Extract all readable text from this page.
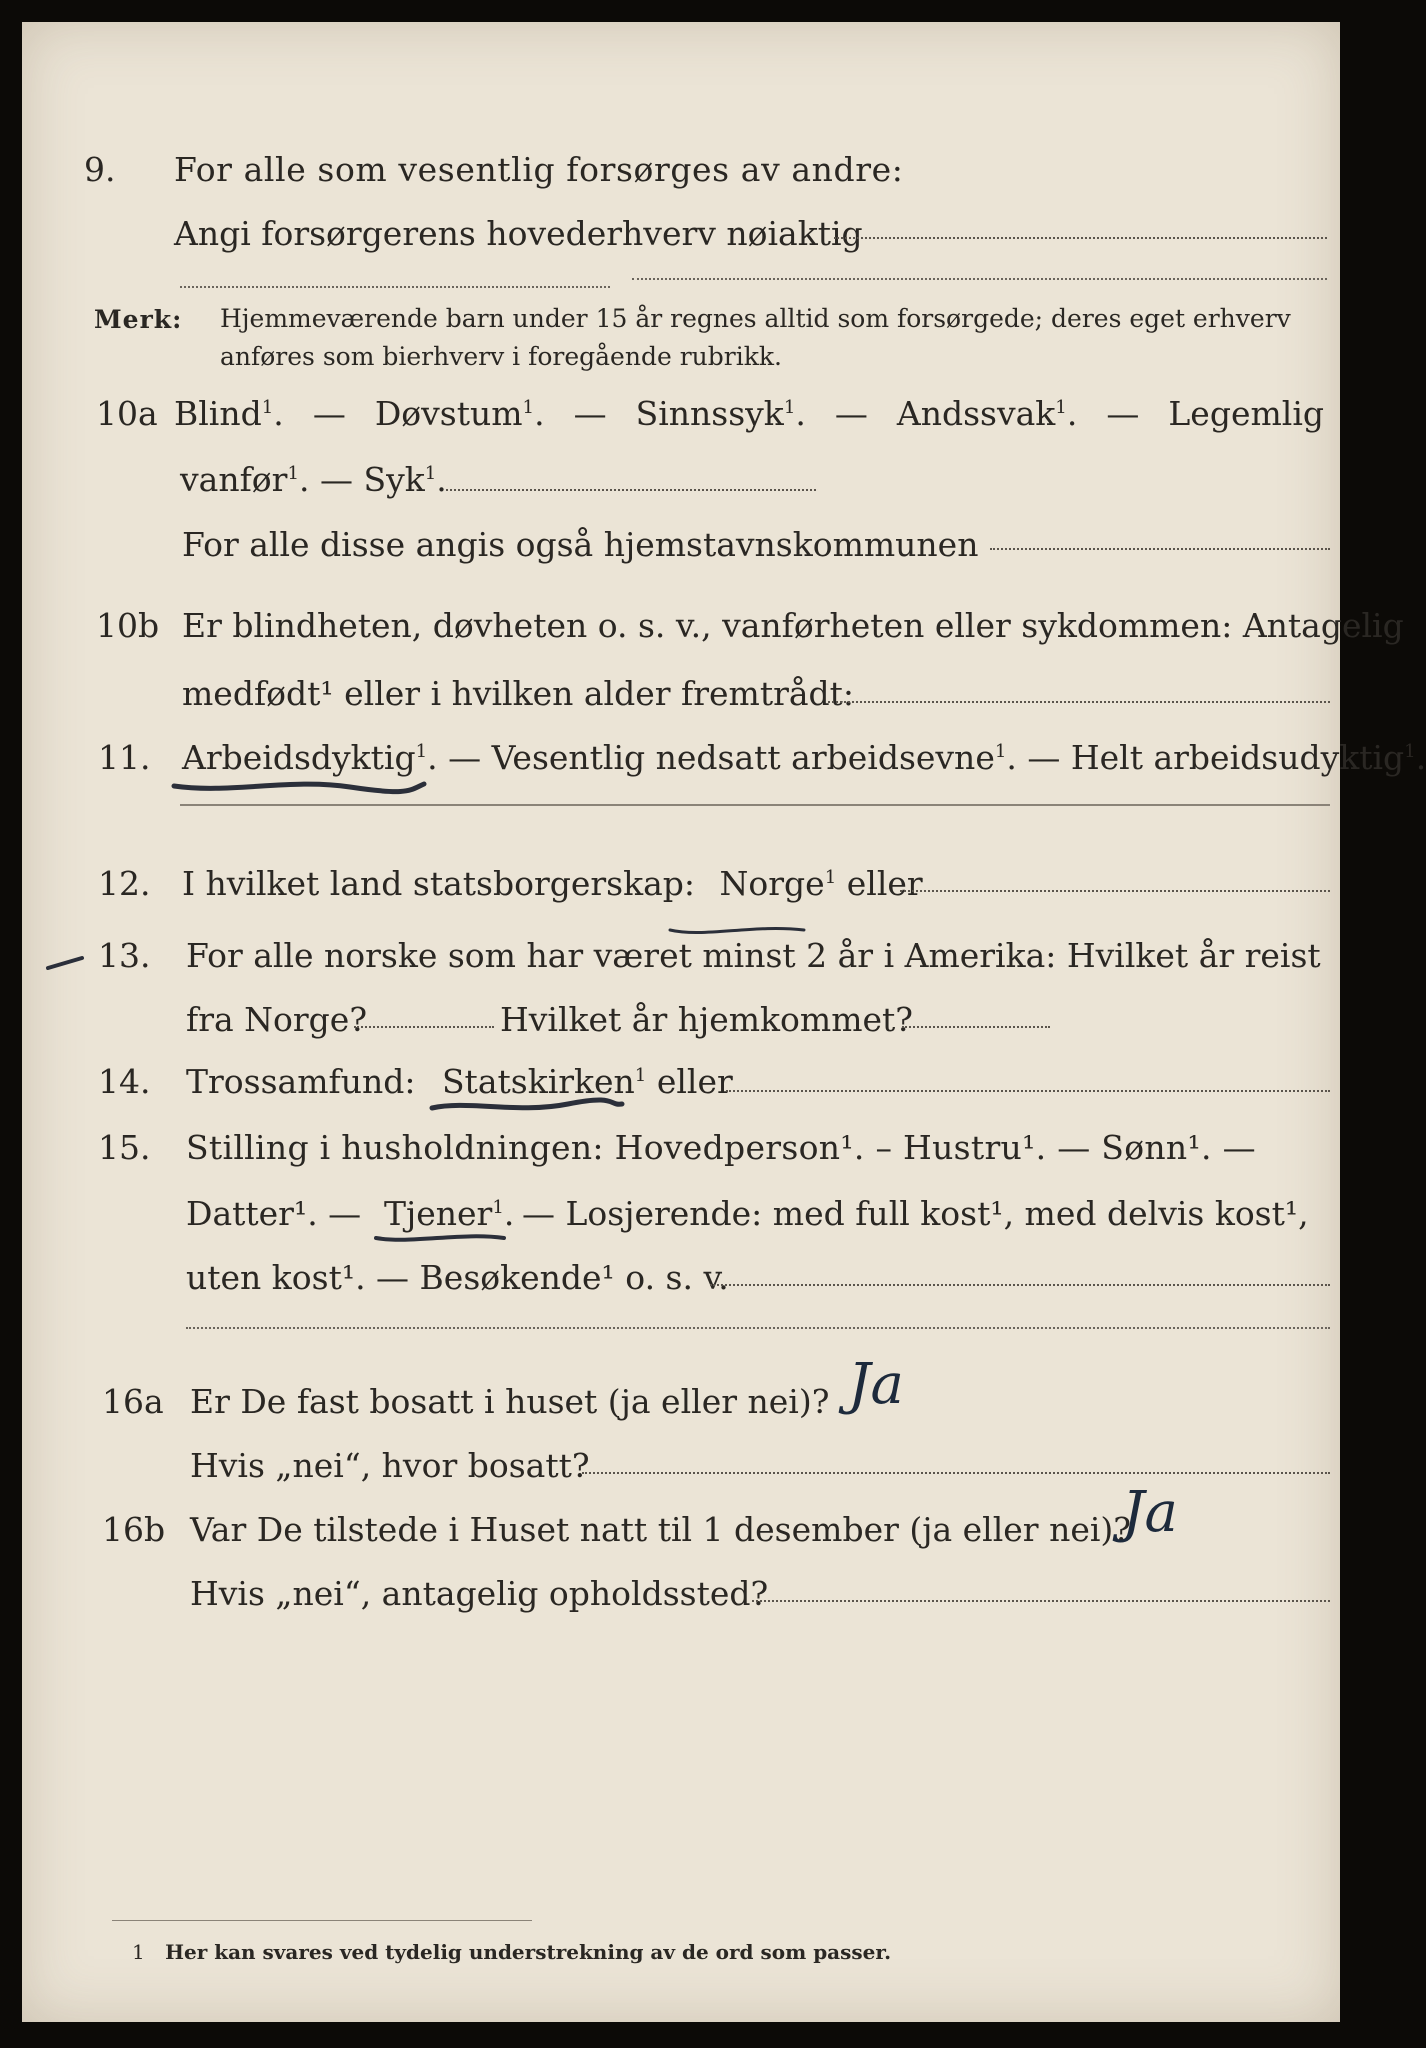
9. For alle som vesentlig forsørges av andre:
Angi forsørgerens hovederhverv nøiaktig
Merk: Hjemmeværende barn under 15 år regnes alltid som forsørgede; deres eget erhverv
anføres som bierhverv i foregående rubrikk.
10a Blind$^1$. — Døvstum$^1$. — Sinnssyk$^1$. — Andssvak$^1$. — Legemlig
vanfør$^1$. — Syk$^1$.
For alle disse angis også hjemstavnskommunen
10b Er blindheten, døvheten o. s. v., vanførheten eller sykdommen: Antagelig
medfødt¹ eller i hvilken alder fremtrådt:
11. Arbeidsdyktig$^1$. — Vesentlig nedsatt arbeidsevne$^1$. — Helt arbeidsudyktig$^1$.
12. I hvilket land statsborgerskap: Norge$^1$ eller
13. For alle norske som har været minst 2 år i Amerika: Hvilket år reist
fra Norge?	Hvilket år hjemkommet?
14. Trossamfund: Statskirken$^1$ eller
15. Stilling i husholdningen: Hovedperson¹. – Hustru¹. — Sønn¹. —
Datter¹. — Tjener$^1$. — Losjerende: med full kost¹, med delvis kost¹,
uten kost¹. — Besøkende¹ o. s. v.
16a Er De fast bosatt i huset (ja eller nei)? Ja
Hvis „nei“, hvor bosatt?
16b Var De tilstede i Huset natt til 1 desember (ja eller nei)?
Ja
Hvis „nei“, antagelig opholdssted?
1 Her kan svares ved tydelig understrekning av de ord som passer.
